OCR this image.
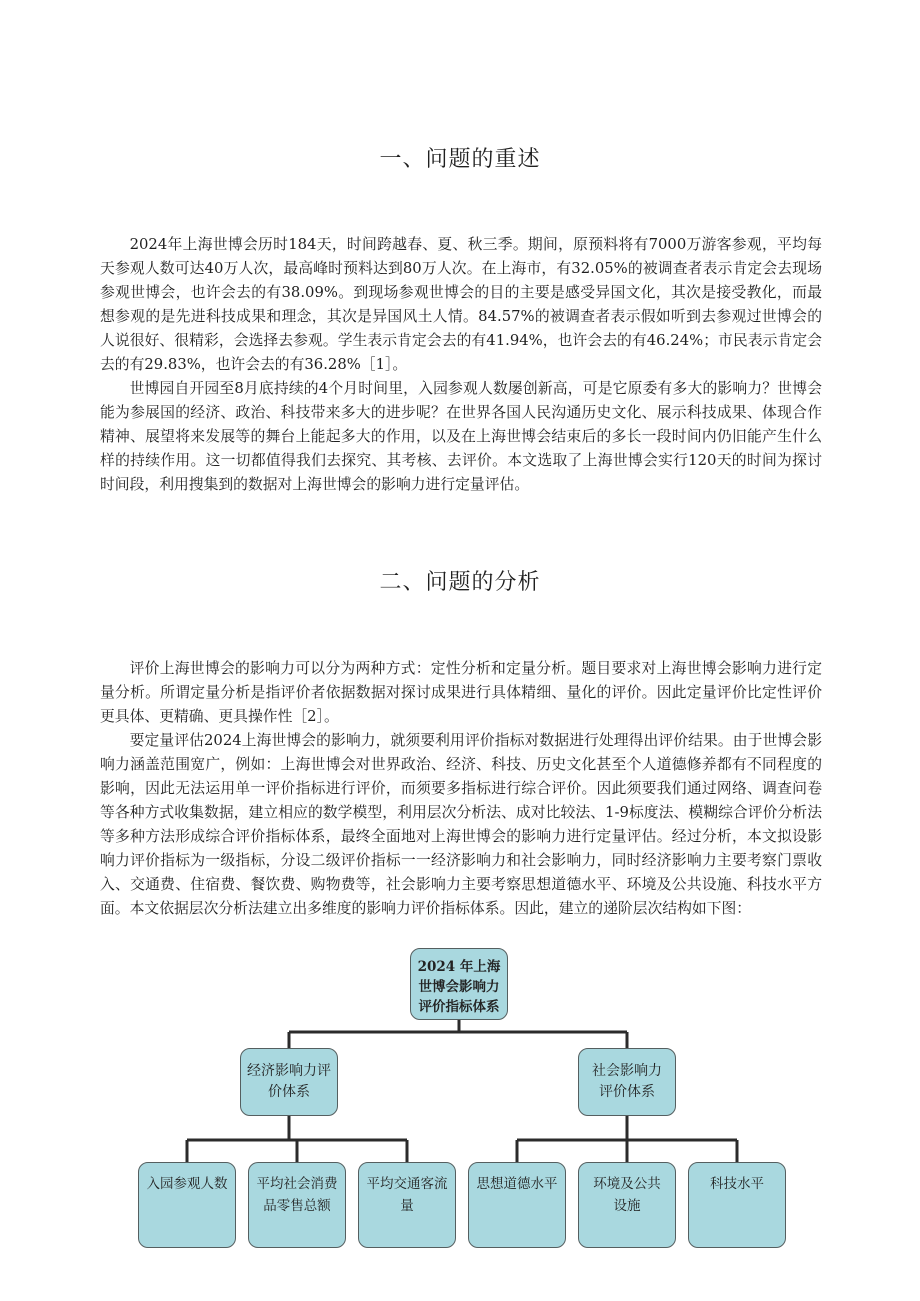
一、问题的重述

2024年上海世博会历时184天，时间跨越春、夏、秋三季。期间，原预料将有7000万游客参观，平均每天参观人数可达40万人次，最高峰时预料达到80万人次。在上海市，有32.05%的被调查者表示肯定会去现场参观世博会，也许会去的有38.09%。到现场参观世博会的目的主要是感受异国文化，其次是接受教化，而最想参观的是先进科技成果和理念，其次是异国风土人情。84.57%的被调查者表示假如听到去参观过世博会的人说很好、很精彩，会选择去参观。学生表示肯定会去的有41.94%，也许会去的有46.24%；市民表示肯定会去的有29.83%，也许会去的有36.28%［1］。

世博园自开园至8月底持续的4个月时间里，入园参观人数屡创新高，可是它原委有多大的影响力？世博会能为参展国的经济、政治、科技带来多大的进步呢？在世界各国人民沟通历史文化、展示科技成果、体现合作精神、展望将来发展等的舞台上能起多大的作用，以及在上海世博会结束后的多长一段时间内仍旧能产生什么样的持续作用。这一切都值得我们去探究、其考核、去评价。本文选取了上海世博会实行120天的时间为探讨时间段，利用搜集到的数据对上海世博会的影响力进行定量评估。

二、问题的分析

评价上海世博会的影响力可以分为两种方式：定性分析和定量分析。题目要求对上海世博会影响力进行定量分析。所谓定量分析是指评价者依据数据对探讨成果进行具体精细、量化的评价。因此定量评价比定性评价更具体、更精确、更具操作性［2］。

要定量评估2024上海世博会的影响力，就须要利用评价指标对数据进行处理得出评价结果。由于世博会影响力涵盖范围宽广，例如：上海世博会对世界政治、经济、科技、历史文化甚至个人道德修养都有不同程度的影响，因此无法运用单一评价指标进行评价，而须要多指标进行综合评价。因此须要我们通过网络、调查问卷等各种方式收集数据，建立相应的数学模型，利用层次分析法、成对比较法、1-9标度法、模糊综合评价分析法等多种方法形成综合评价指标体系，最终全面地对上海世博会的影响力进行定量评估。经过分析，本文拟设影响力评价指标为一级指标，分设二级评价指标一一经济影响力和社会影响力，同时经济影响力主要考察门票收入、交通费、住宿费、餐饮费、购物费等，社会影响力主要考察思想道德水平、环境及公共设施、科技水平方面。本文依据层次分析法建立出多维度的影响力评价指标体系。因此，建立的递阶层次结构如下图：

2024 年上海
世博会影响力
评价指标体系
经济影响力评
价体系
社会影响力
评价体系
入园参观人数 平均社会消费
品零售总额
平均交通客流
量
思想道德水平	环境及公共
设施
科技水平
